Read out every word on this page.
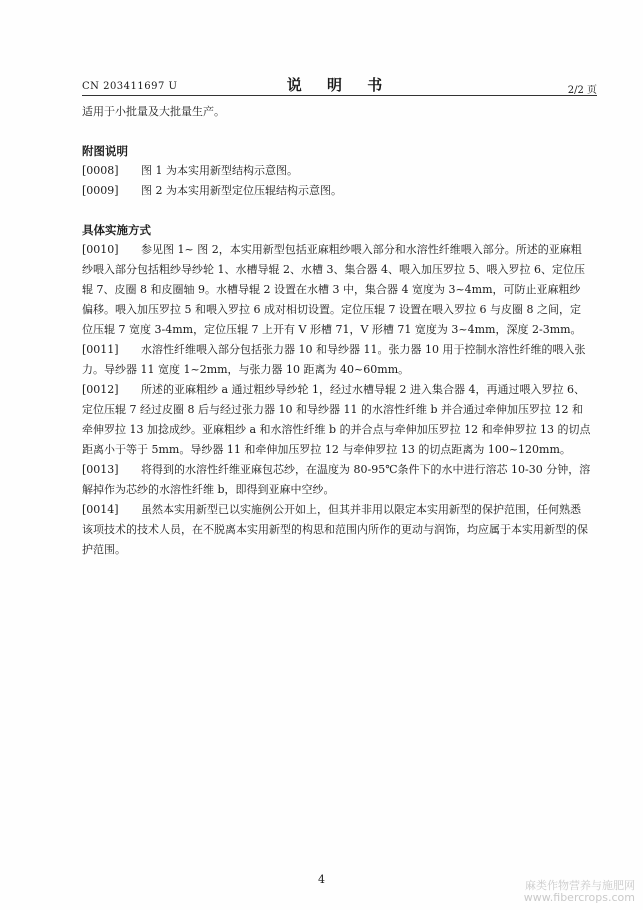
CN 203411697 U	说 明 书	2/2 页

适用于小批量及大批量生产。

附图说明

[0008] 图 1 为本实用新型结构示意图。

[0009] 图 2 为本实用新型定位压辊结构示意图。

具体实施方式

[0010] 参见图 1~ 图 2，本实用新型包括亚麻粗纱喂入部分和水溶性纤维喂入部分。所述的亚麻粗纱喂入部分包括粗纱导纱轮 1、水槽导辊 2、水槽 3、集合器 4、喂入加压罗拉 5、喂入罗拉 6、定位压辊 7、皮圈 8 和皮圈轴 9。水槽导辊 2 设置在水槽 3 中，集合器 4 宽度为 3~4mm，可防止亚麻粗纱偏移。喂入加压罗拉 5 和喂入罗拉 6 成对相切设置。定位压辊 7 设置在喂入罗拉 6 与皮圈 8 之间，定位压辊 7 宽度 3-4mm，定位压辊 7 上开有 V 形槽 71，V 形槽 71 宽度为 3~4mm，深度 2-3mm。

[0011] 水溶性纤维喂入部分包括张力器 10 和导纱器 11。张力器 10 用于控制水溶性纤维的喂入张力。导纱器 11 宽度 1~2mm，与张力器 10 距离为 40~60mm。

[0012] 所述的亚麻粗纱 a 通过粗纱导纱轮 1，经过水槽导辊 2 进入集合器 4，再通过喂入罗拉 6、定位压辊 7 经过皮圈 8 后与经过张力器 10 和导纱器 11 的水溶性纤维 b 并合通过牵伸加压罗拉 12 和牵伸罗拉 13 加捻成纱。亚麻粗纱 a 和水溶性纤维 b 的并合点与牵伸加压罗拉 12 和牵伸罗拉 13 的切点距离小于等于 5mm。导纱器 11 和牵伸加压罗拉 12 与牵伸罗拉 13 的切点距离为 100~120mm。

[0013] 将得到的水溶性纤维亚麻包芯纱，在温度为 80-95℃条件下的水中进行溶芯 10-30 分钟，溶解掉作为芯纱的水溶性纤维 b，即得到亚麻中空纱。

[0014] 虽然本实用新型已以实施例公开如上，但其并非用以限定本实用新型的保护范围，任何熟悉该项技术的技术人员，在不脱离本实用新型的构思和范围内所作的更动与润饰，均应属于本实用新型的保护范围。

4	麻类作物营养与施肥网
www.fibercrops.com
